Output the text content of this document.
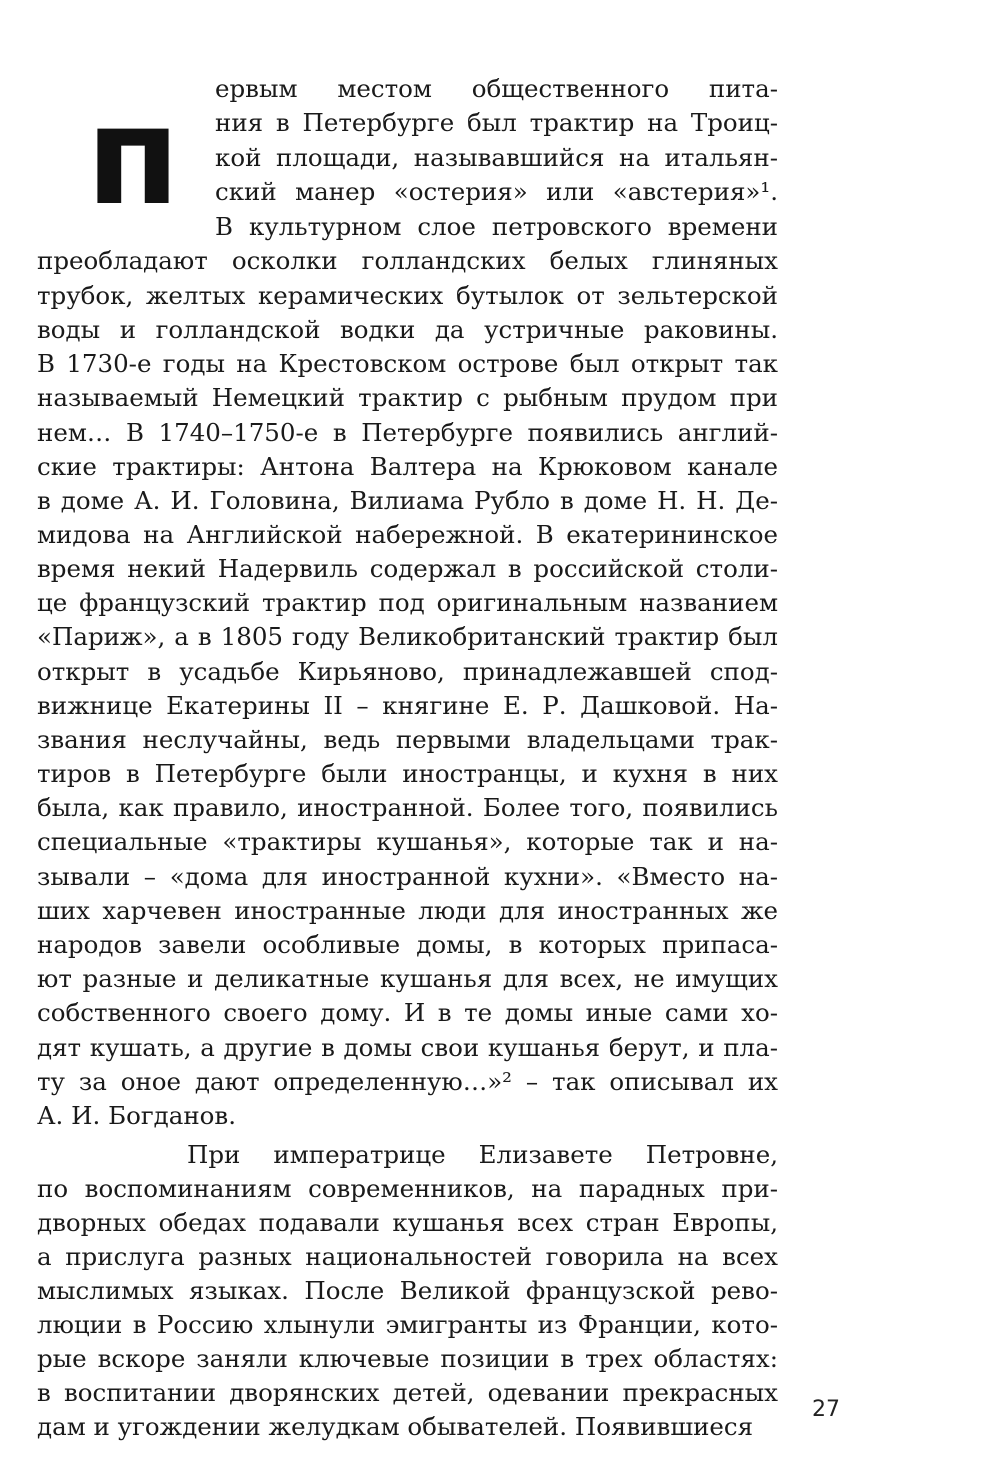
п ервым местом общественного пита-
ния в Петербурге был трактир на Троиц-
кой площади, называвшийся на итальян-
ский манер «остерия» или «австерия»¹.
В культурном слое петровского времени
преобладают осколки голландских белых глиняных
трубок, желтых керамических бутылок от зельтерской
воды и голландской водки да устричные раковины.
В 1730-е годы на Крестовском острове был открыт так
называемый Немецкий трактир с рыбным прудом при
нем… В 1740–1750-е в Петербурге появились англий-
ские трактиры: Антона Валтера на Крюковом канале
в доме А. И. Головина, Вилиама Рубло в доме Н. Н. Де-
мидова на Английской набережной. В екатерининское
время некий Надервиль содержал в российской столи-
це французский трактир под оригинальным названием
«Париж», а в 1805 году Великобританский трактир был
открыт в усадьбе Кирьяново, принадлежавшей спод-
вижнице Екатерины II – княгине Е. Р. Дашковой. На-
звания неслучайны, ведь первыми владельцами трак-
тиров в Петербурге были иностранцы, и кухня в них
была, как правило, иностранной. Более того, появились
специальные «трактиры кушанья», которые так и на-
зывали – «дома для иностранной кухни». «Вместо на-
ших харчевен иностранные люди для иностранных же
народов завели особливые домы, в которых припаса-
ют разные и деликатные кушанья для всех, не имущих
собственного своего дому. И в те домы иные сами хо-
дят кушать, а другие в домы свои кушанья берут, и пла-
ту за оное дают определенную…»² – так описывал их
А. И. Богданов.
При императрице Елизавете Петровне,
по воспоминаниям современников, на парадных при-
дворных обедах подавали кушанья всех стран Европы,
а прислуга разных национальностей говорила на всех
мыслимых языках. После Великой французской рево-
люции в Россию хлынули эмигранты из Франции, кото-
рые вскоре заняли ключевые позиции в трех областях:
в воспитании дворянских детей, одевании прекрасных
дам и угождении желудкам обывателей. Появившиеся
27
